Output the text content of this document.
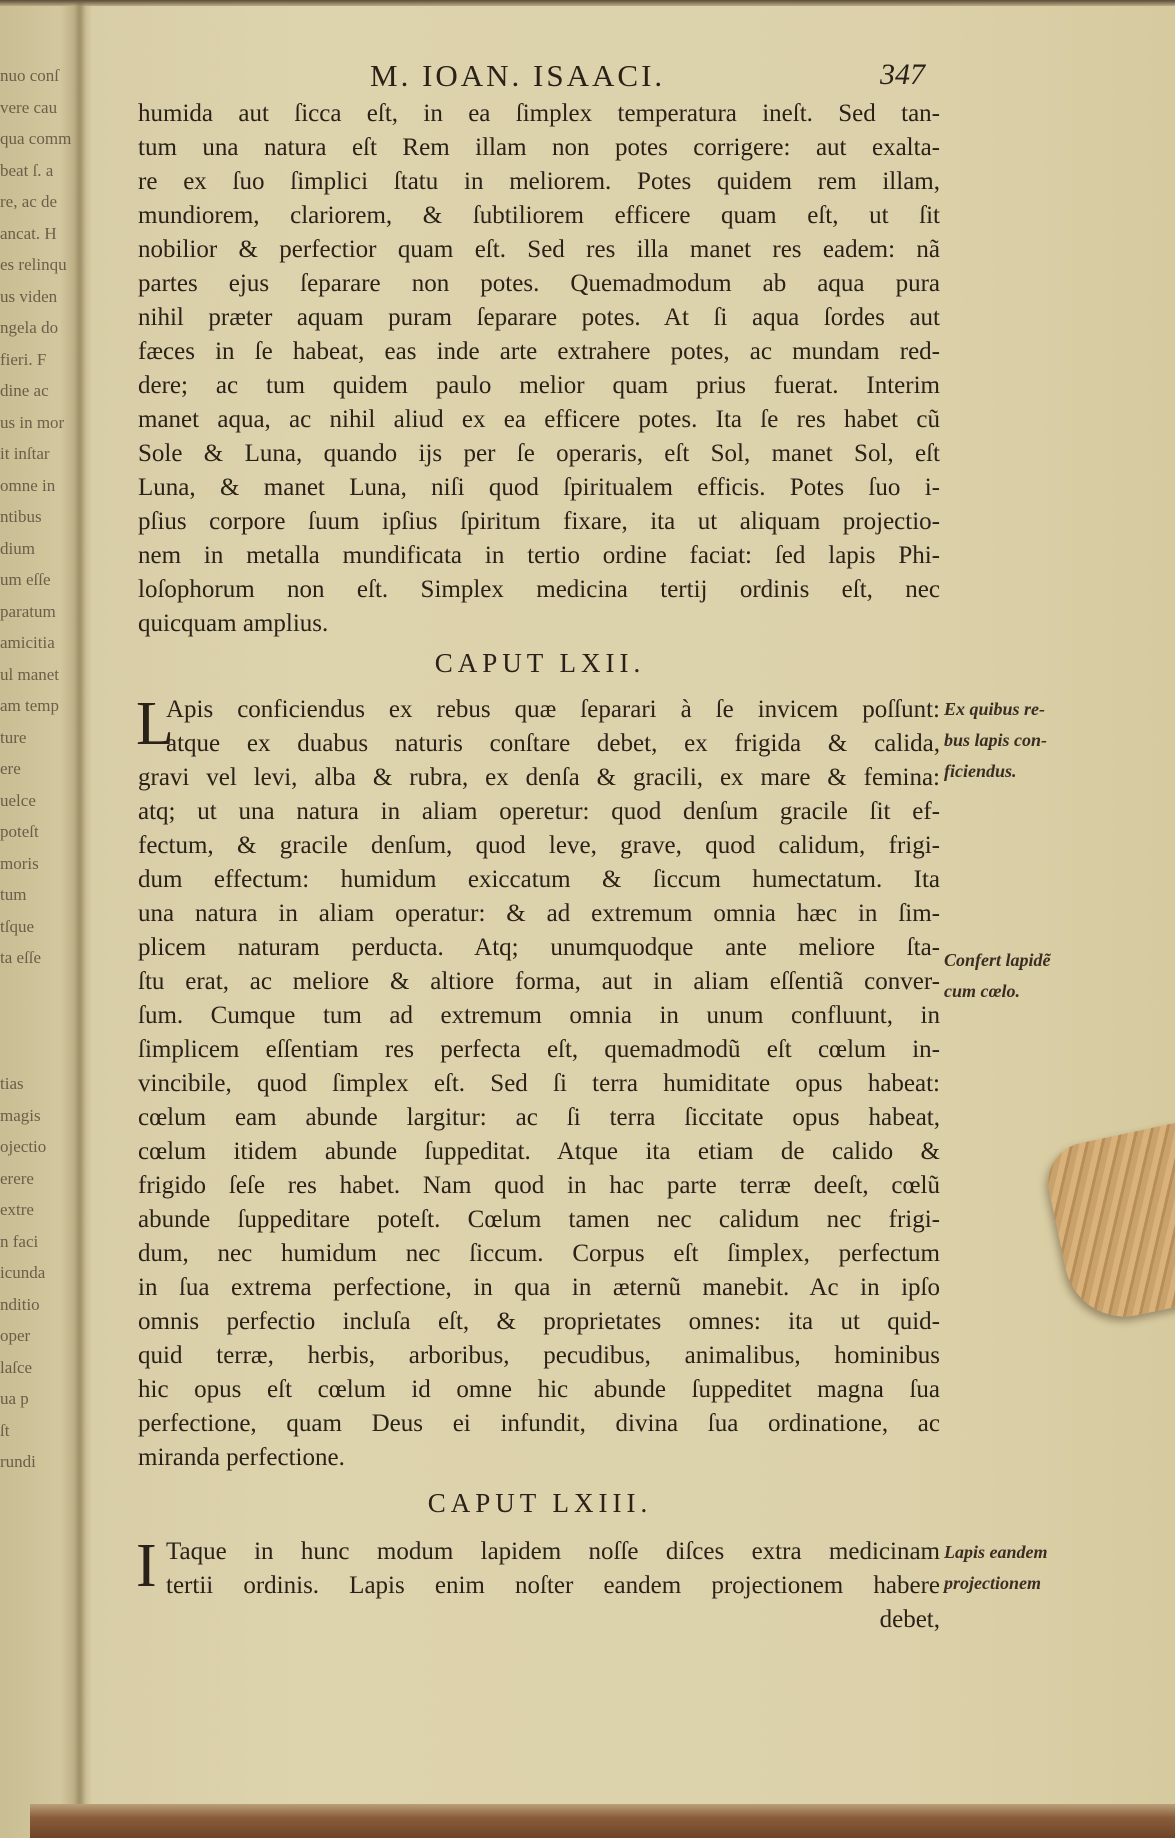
nuo conſ
vere cau
qua comm
beat ſ. a
re, ac de
ancat. H
es relinqu
us viden
ngela do
fieri. F
dine ac
us in mor
it inſtar
omne in
ntibus
dium
um eſſe
paratum
amicitia
ul manet
am temp
ture
ere
uelce
poteſt
moris
tum
tſque
ta eſſe
tias
magis
ojectio
erere
extre
n faci
icunda
nditio
oper
laſce
ua p
ſt
rundi
M. IOAN. ISAACI.	347
humida aut ſicca eſt, in ea ſimplex temperatura ineſt. Sed tan-
tum una natura eſt Rem illam non potes corrigere: aut exalta-
re ex ſuo ſimplici ſtatu in meliorem. Potes quidem rem illam,
mundiorem, clariorem, & ſubtiliorem efficere quam eſt, ut ſit
nobilior & perfectior quam eſt. Sed res illa manet res eadem: nã
partes ejus ſeparare non potes. Quemadmodum ab aqua pura
nihil præter aquam puram ſeparare potes. At ſi aqua ſordes aut
fæces in ſe habeat, eas inde arte extrahere potes, ac mundam red-
dere; ac tum quidem paulo melior quam prius fuerat. Interim
manet aqua, ac nihil aliud ex ea efficere potes. Ita ſe res habet cũ
Sole & Luna, quando ijs per ſe operaris, eſt Sol, manet Sol, eſt
Luna, & manet Luna, niſi quod ſpiritualem efficis. Potes ſuo i-
pſius corpore ſuum ipſius ſpiritum fixare, ita ut aliquam projectio-
nem in metalla mundificata in tertio ordine faciat: ſed lapis Phi-
loſophorum non eſt. Simplex medicina tertij ordinis eſt, nec
quicquam amplius.
CAPUT LXII.
L
Apis conficiendus ex rebus quæ ſeparari à ſe invicem poſſunt:
atque ex duabus naturis conſtare debet, ex frigida & calida,
gravi vel levi, alba & rubra, ex denſa & gracili, ex mare & femina:
atq; ut una natura in aliam operetur: quod denſum gracile ſit ef-
fectum, & gracile denſum, quod leve, grave, quod calidum, frigi-
dum effectum: humidum exiccatum & ſiccum humectatum. Ita
una natura in aliam operatur: & ad extremum omnia hæc in ſim-
plicem naturam perducta. Atq; unumquodque ante meliore ſta-
ſtu erat, ac meliore & altiore forma, aut in aliam eſſentiã conver-
ſum. Cumque tum ad extremum omnia in unum confluunt, in
ſimplicem eſſentiam res perfecta eſt, quemadmodũ eſt cœlum in-
vincibile, quod ſimplex eſt. Sed ſi terra humiditate opus habeat:
cœlum eam abunde largitur: ac ſi terra ſiccitate opus habeat,
cœlum itidem abunde ſuppeditat. Atque ita etiam de calido &
frigido ſeſe res habet. Nam quod in hac parte terræ deeſt, cœlũ
abunde ſuppeditare poteſt. Cœlum tamen nec calidum nec frigi-
dum, nec humidum nec ſiccum. Corpus eſt ſimplex, perfectum
in ſua extrema perfectione, in qua in æternũ manebit. Ac in ipſo
omnis perfectio incluſa eſt, & proprietates omnes: ita ut quid-
quid terræ, herbis, arboribus, pecudibus, animalibus, hominibus
hic opus eſt cœlum id omne hic abunde ſuppeditet magna ſua
perfectione, quam Deus ei infundit, divina ſua ordinatione, ac
miranda perfectione.
Ex quibus re-
bus lapis con-
ficiendus.
Confert lapidẽ
cum cœlo.
CAPUT LXIII.
I Taque in hunc modum lapidem noſſe diſces extra medicinam
tertii ordinis. Lapis enim noſter eandem projectionem habere
debet,
Lapis eandem
projectionem
